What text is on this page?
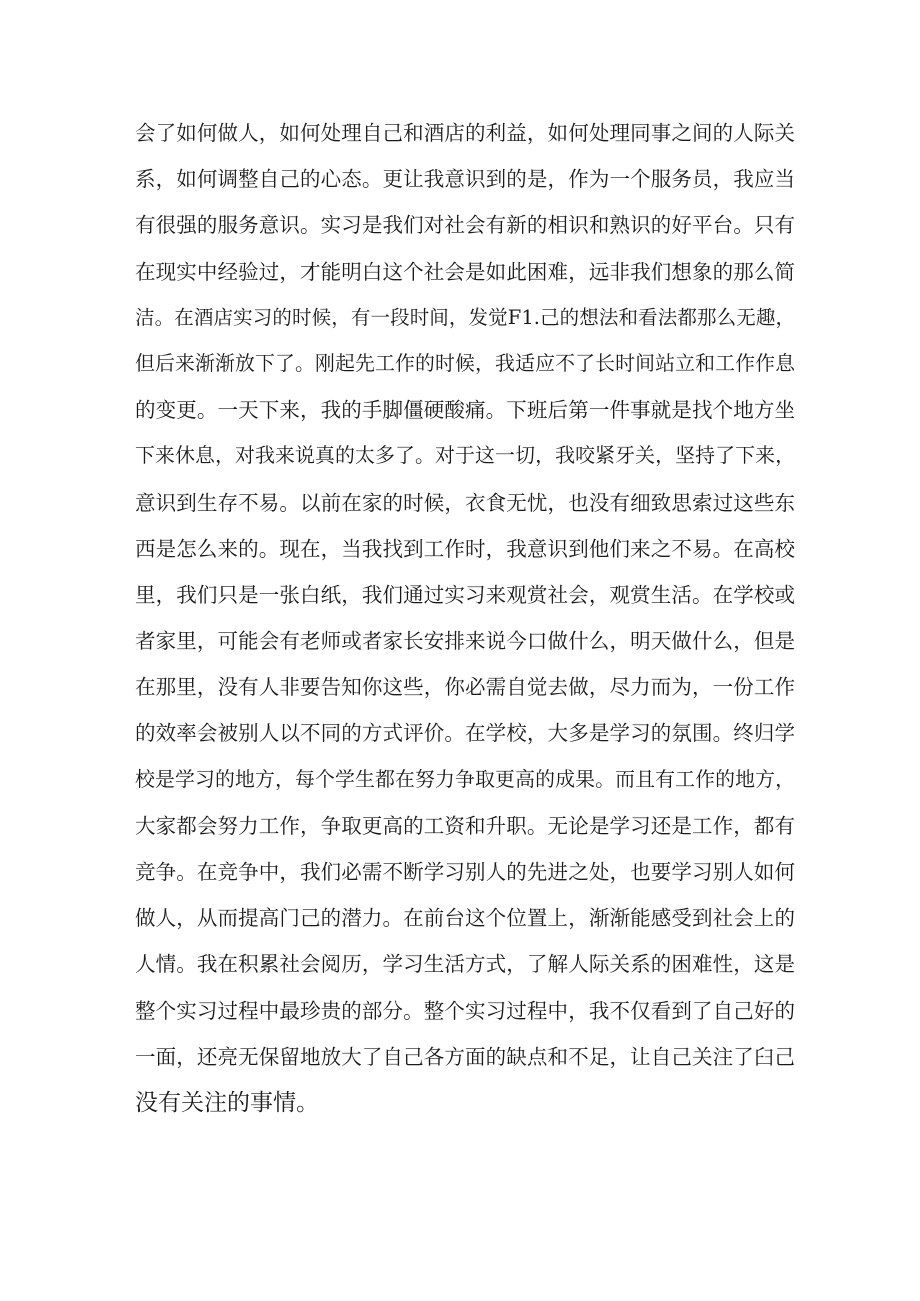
会了如何做人，如何处理自己和酒店的利益，如何处理同事之间的人际关
系，如何调整自己的心态。更让我意识到的是，作为一个服务员，我应当
有很强的服务意识。实习是我们对社会有新的相识和熟识的好平台。只有
在现实中经验过，才能明白这个社会是如此困难，远非我们想象的那么简
洁。在酒店实习的时候，有一段时间，发觉F1.己的想法和看法都那么无趣，
但后来渐渐放下了。刚起先工作的时候，我适应不了长时间站立和工作作息
的变更。一天下来，我的手脚僵硬酸痛。下班后第一件事就是找个地方坐
下来休息，对我来说真的太多了。对于这一切，我咬紧牙关，坚持了下来，
意识到生存不易。以前在家的时候，衣食无忧，也没有细致思索过这些东
西是怎么来的。现在，当我找到工作时，我意识到他们来之不易。在高校
里，我们只是一张白纸，我们通过实习来观赏社会，观赏生活。在学校或
者家里，可能会有老师或者家长安排来说今口做什么，明天做什么，但是
在那里，没有人非要告知你这些，你必需自觉去做，尽力而为，一份工作
的效率会被别人以不同的方式评价。在学校，大多是学习的氛围。终归学
校是学习的地方，每个学生都在努力争取更高的成果。而且有工作的地方，
大家都会努力工作，争取更高的工资和升职。无论是学习还是工作，都有
竞争。在竞争中，我们必需不断学习别人的先进之处，也要学习别人如何
做人，从而提高门己的潜力。在前台这个位置上，渐渐能感受到社会上的
人情。我在积累社会阅历，学习生活方式，了解人际关系的困难性，这是
整个实习过程中最珍贵的部分。整个实习过程中，我不仅看到了自己好的
一面，还亮无保留地放大了自己各方面的缺点和不足，让自己关注了臼己
没有关注的事情。
